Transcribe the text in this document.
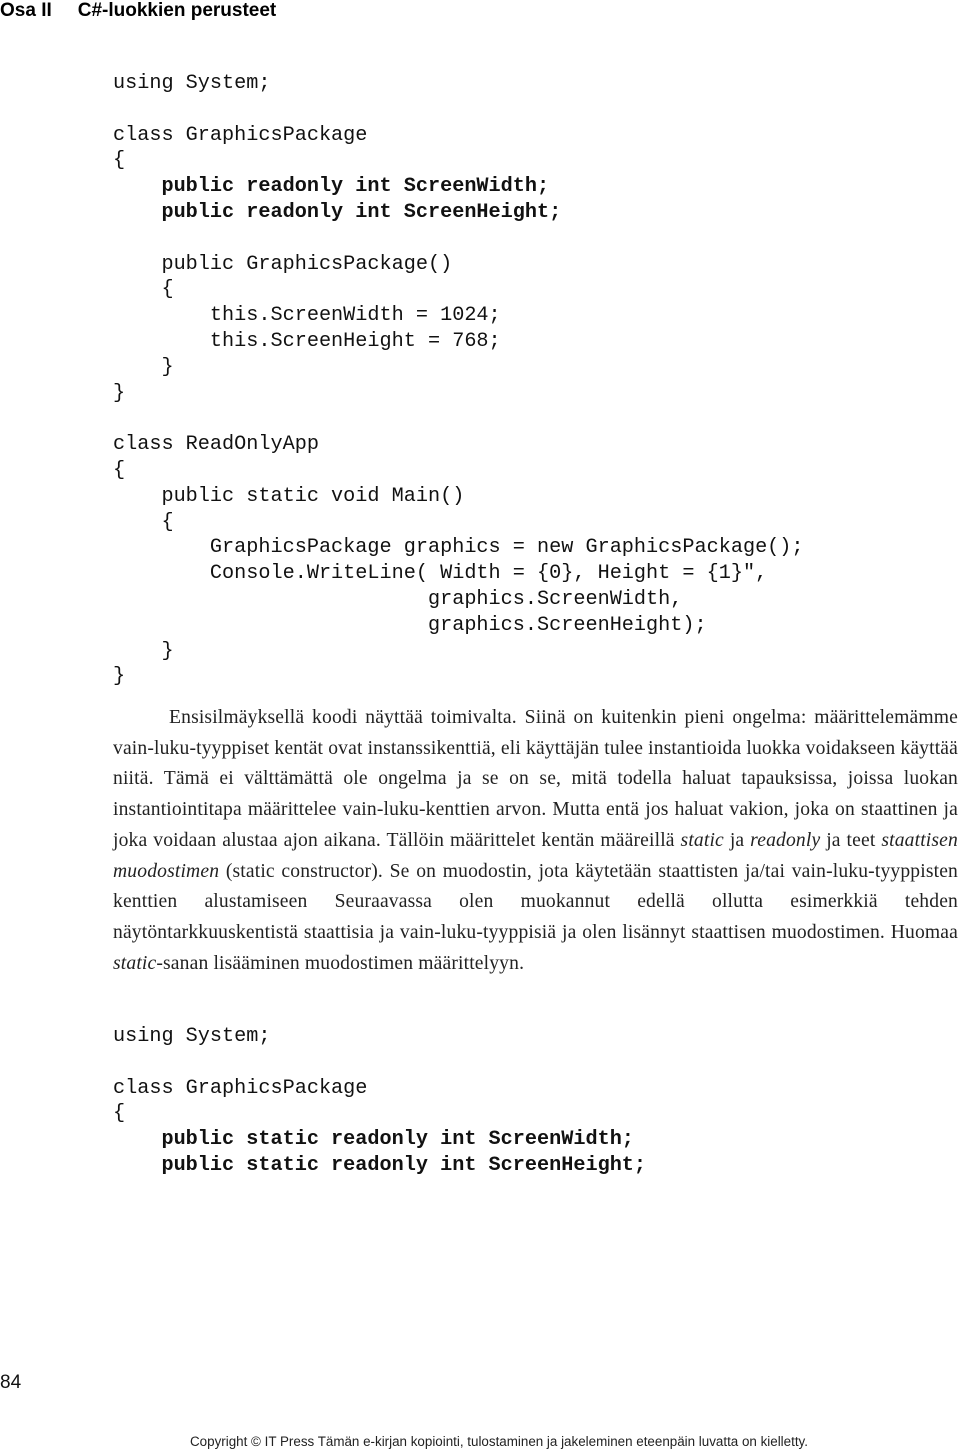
Osa II C#-luokkien perusteet
using System;
class GraphicsPackage
{
public readonly int ScreenWidth;
public readonly int ScreenHeight;
public GraphicsPackage()
{
this.ScreenWidth = 1024;
this.ScreenHeight = 768;
}
}
class ReadOnlyApp
{
public static void Main()
{
GraphicsPackage graphics = new GraphicsPackage();
Console.WriteLine( Width = {0}, Height = {1}",
graphics.ScreenWidth,
graphics.ScreenHeight);
}
}

Ensisilmäyksellä koodi näyttää toimivalta. Siinä on kuitenkin pieni ongelma: määrittelemämme vain-luku-tyyppiset kentät ovat instanssikenttiä, eli käyttäjän tulee instantioida luokka voidakseen käyttää niitä. Tämä ei välttämättä ole ongelma ja se on se, mitä todella haluat tapauksissa, joissa luokan instantiointitapa määrittelee vain-luku-kenttien arvon. Mutta entä jos haluat vakion, joka on staattinen ja joka voidaan alustaa ajon aikana. Tällöin määrittelet kentän määreillä static ja readonly ja teet staattisen muodostimen (static constructor). Se on muodostin, jota käytetään staattisten ja/tai vain-luku-tyyppisten kenttien alustamiseen Seuraavassa olen muokannut edellä ollutta esimerkkiä tehden näytöntarkkuuskentistä staattisia ja vain-luku-tyyppisiä ja olen lisännyt staattisen muodostimen. Huomaa static-sanan lisääminen muodostimen määrittelyyn.

using System;
class GraphicsPackage
{
public static readonly int ScreenWidth;
public static readonly int ScreenHeight;
84
Copyright © IT Press Tämän e-kirjan kopiointi, tulostaminen ja jakeleminen eteenpäin luvatta on kielletty.
